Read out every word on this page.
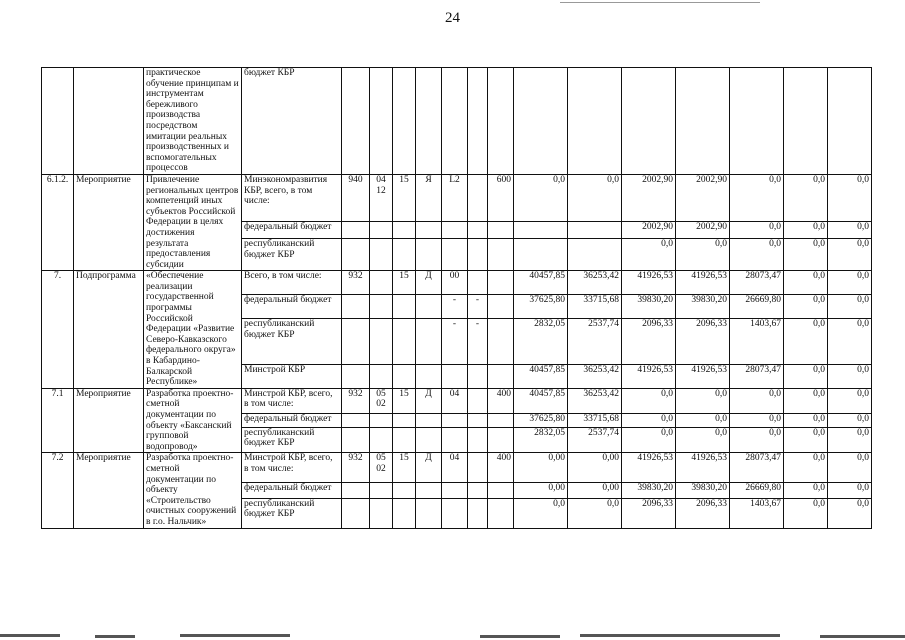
24
		практическое обучение принципам и инструментам бережливого производства посредством имитации реальных производственных и вспомогательных процессов	бюджет КБР														
6.1.2.	Мероприятие	Привлечение региональных центров компетенций иных субъектов Российской Федерации в целях достижения результата предоставления субсидии	Минэкономразвития КБР, всего, в том числе:	940	04 12	15	Я	L2		600	0,0	0,0	2002,90	2002,90	0,0	0,0	0,0
			федеральный бюджет										2002,90	2002,90	0,0	0,0	0,0
			республиканский бюджет КБР										0,0	0,0	0,0	0,0	0,0
7.	Подпрограмма	«Обеспечение реализации государственной программы Российской Федерации «Развитие Северо-Кавказского федерального округа» в Кабардино-Балкарской Республике»	Всего, в том числе:	932		15	Д	00			40457,85	36253,42	41926,53	41926,53	28073,47	0,0	0,0
			федеральный бюджет					-	-		37625,80	33715,68	39830,20	39830,20	26669,80	0,0	0,0
			республиканский бюджет КБР					-	-		2832,05	2537,74	2096,33	2096,33	1403,67	0,0	0,0
			Минстрой КБР								40457,85	36253,42	41926,53	41926,53	28073,47	0,0	0,0
7.1	Мероприятие	Разработка проектно-сметной документации по объекту «Баксанский групповой водопровод»	Минстрой КБР, всего, в том числе:	932	05 02	15	Д	04		400	40457,85	36253,42	0,0	0,0	0,0	0,0	0,0
			федеральный бюджет								37625,80	33715,68	0,0	0,0	0,0	0,0	0,0
			республиканский бюджет КБР								2832,05	2537,74	0,0	0,0	0,0	0,0	0,0
7.2	Мероприятие	Разработка проектно-сметной документации по объекту «Строительство очистных сооружений в г.о. Нальчик»	Минстрой КБР, всего, в том числе:	932	05 02	15	Д	04		400	0,00	0,00	41926,53	41926,53	28073,47	0,0	0,0
			федеральный бюджет								0,00	0,00	39830,20	39830,20	26669,80	0,0	0,0
			республиканский бюджет КБР								0,0	0,0	2096,33	2096,33	1403,67	0,0	0,0
